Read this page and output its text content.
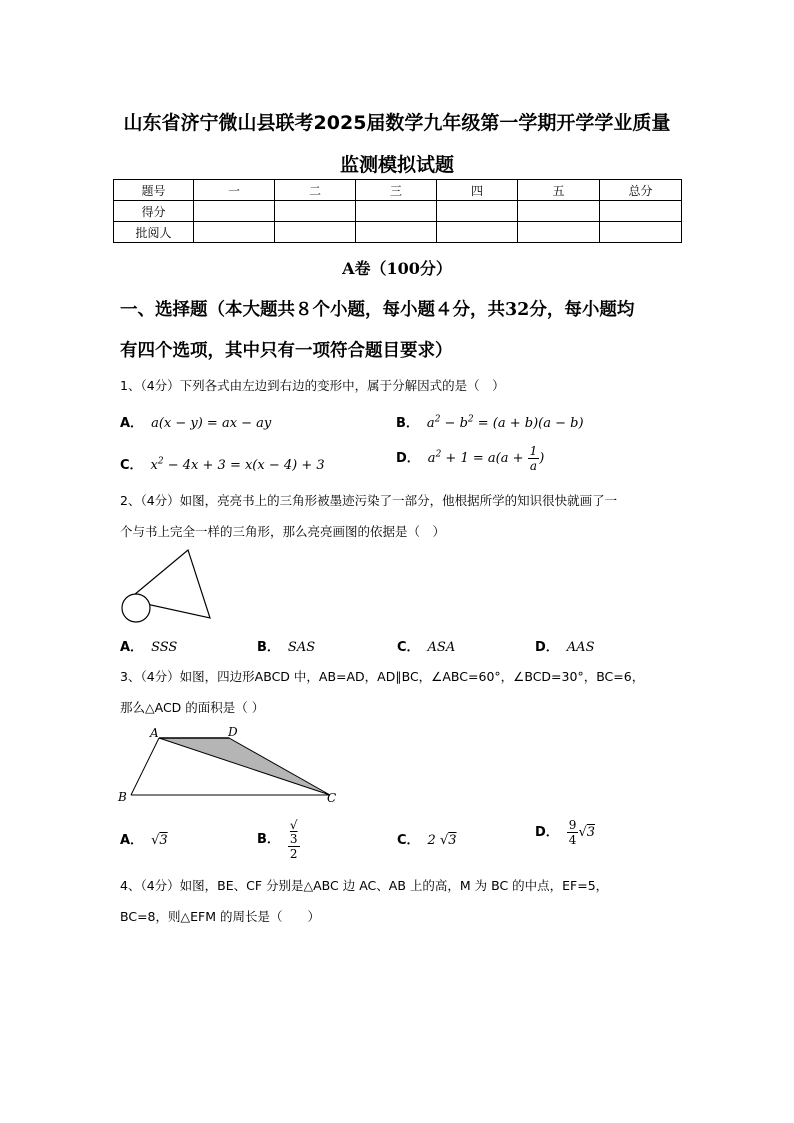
山东省济宁微山县联考2025届数学九年级第一学期开学学业质量
监测模拟试题
题号	一	二	三	四	五	总分
得分						
批阅人						
A卷（100分）
一、选择题（本大题共８个小题，每小题４分，共32分，每小题均
有四个选项，其中只有一项符合题目要求）
1、（4分）下列各式由左边到右边的变形中，属于分解因式的是（　）
A． a(x − y) = ax − ay	B． $a^2 - b^2 = (a + b)(a - b)$
C． $x^2 - 4x + 3 = x(x - 4) + 3$	D． $a^2 + 1 = a(a + \frac{1}{a}$ )
2、（4分）如图，亮亮书上的三角形被墨迹污染了一部分，他根据所学的知识很快就画了一
个与书上完全一样的三角形，那么亮亮画图的依据是（　）
A． SSS	B． SAS	C． ASA	D． AAS
3、（4分）如图，四边形ABCD 中，AB=AD，AD∥BC，∠ABC=60°，∠BCD=30°，BC=6，
那么△ACD 的面积是（ ）
A	D
B	C
A． √3	B． √
3
2	C． 2 √3
D． $\frac{9}{4} √3$
4、（4分）如图，BE、CF 分别是△ABC 边 AC、AB 上的高，M 为 BC 的中点，EF=5，
BC=8，则△EFM 的周长是（　　）
